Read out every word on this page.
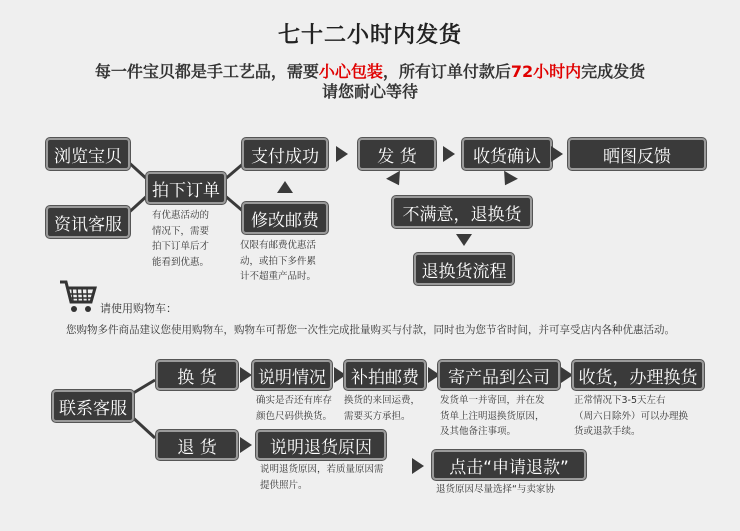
七十二小时内发货
每一件宝贝都是手工艺品，需要小心包装，所有订单付款后72小时内完成发货
请您耐心等待
浏览宝贝
资讯客服
拍下订单
有优惠活动的
情况下，需要
拍下订单后才
能看到优惠。
支付成功
修改邮费
仅限有邮费优惠活
动，或拍下多件累
计不超重产品时。
发 货	收货确认	晒图反馈
不满意，退换货
退换货流程
请使用购物车：
您购物多件商品建议您使用购物车，购物车可帮您一次性完成批量购买与付款，同时也为您节省时间，并可享受店内各种优惠活动。
联系客服
换 货	说明情况
确实是否还有库存
颜色尺码供换货。
补拍邮费
换货的来回运费，
需要买方承担。
寄产品到公司
发货单一并寄回，并在发
货单上注明退换货原因，
及其他备注事项。
收货，办理换货
正常情况下3-5天左右
（周六日除外）可以办理换
货或退款手续。
退 货	说明退货原因
说明退货原因，若质量原因需
提供照片。
点击“申请退款”
退货原因尽量选择“与卖家协
